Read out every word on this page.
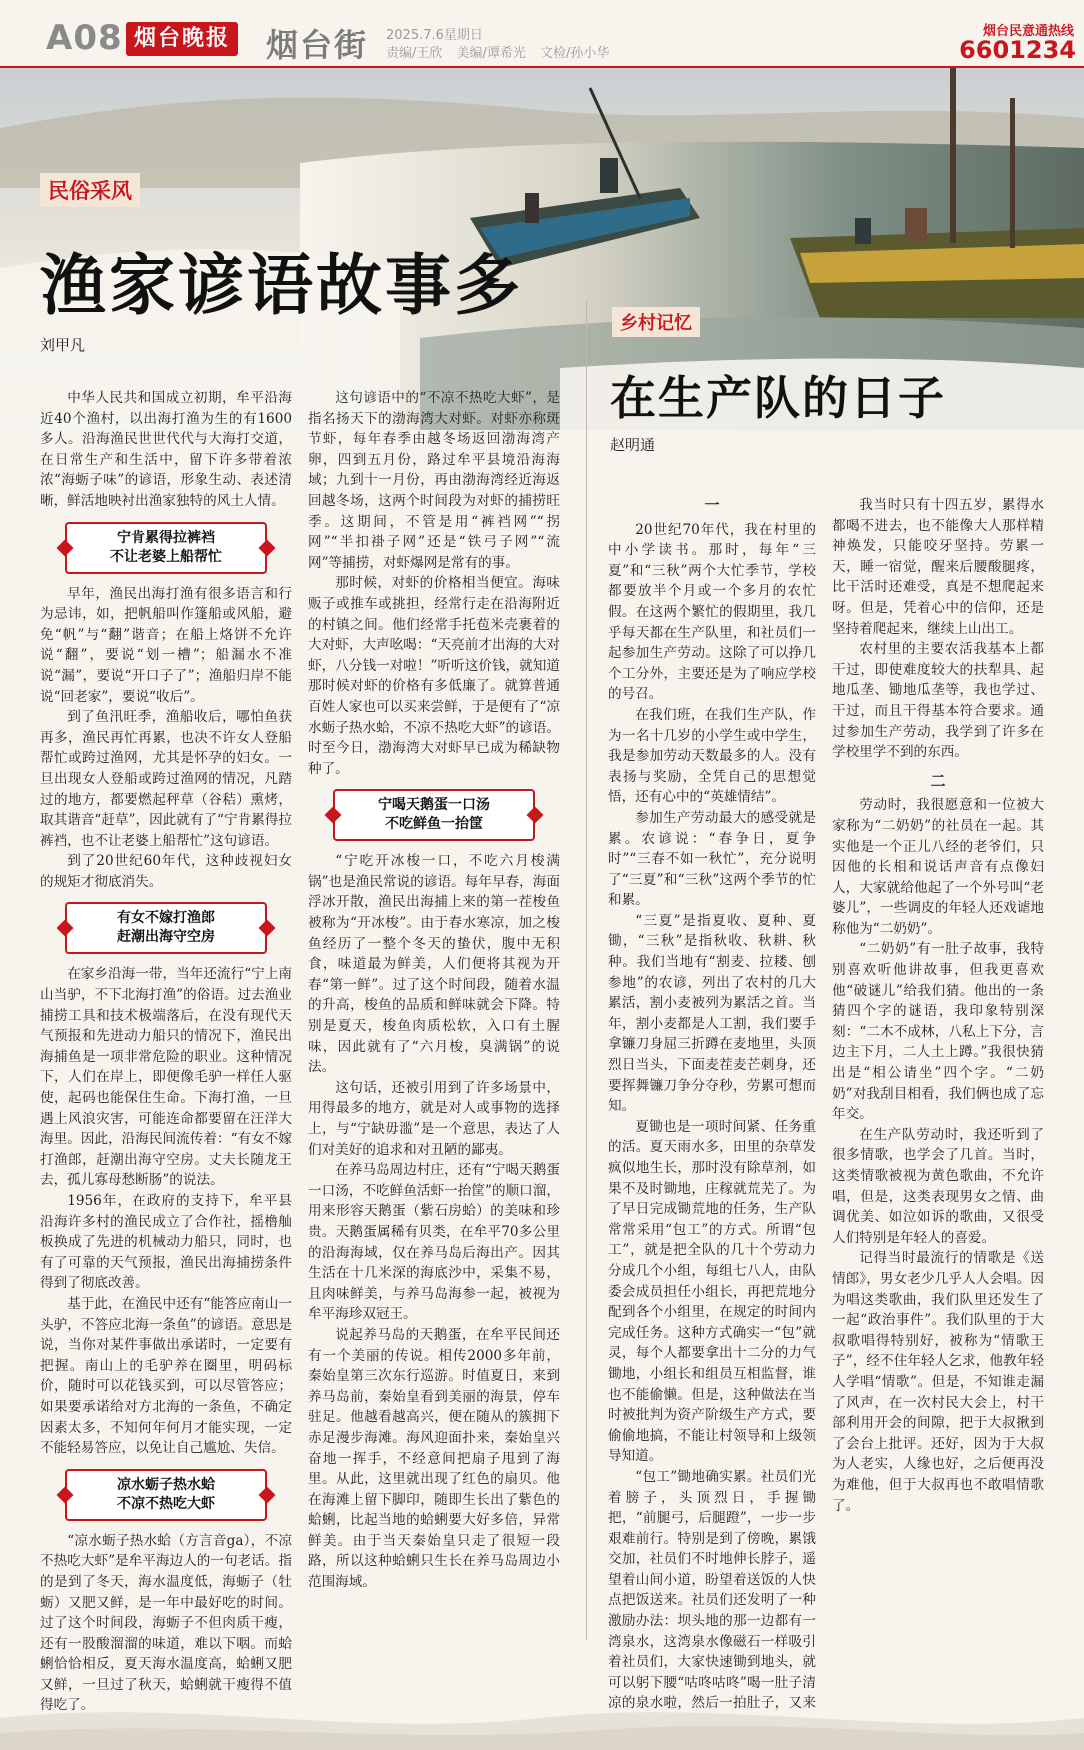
A08 烟台晚报 烟台街 2025.7.6星期日
责编/王欣 美编/谭希光 文检/孙小华
烟台民意通热线
6601234
民俗采风
渔家谚语故事多
刘甲凡
乡村记忆
在生产队的日子
赵明通

中华人民共和国成立初期，牟平沿海近40个渔村，以出海打渔为生的有1600多人。沿海渔民世世代代与大海打交道，在日常生产和生活中，留下许多带着浓浓“海蛎子味”的谚语，形象生动、表述清晰，鲜活地映衬出渔家独特的风土人情。

宁肯累得拉裤裆
不让老婆上船帮忙

早年，渔民出海打渔有很多语言和行为忌讳，如，把帆船叫作篷船或风船，避免“帆”与“翻”谐音；在船上烙饼不允许说“翻”，要说“划一槽”；船漏水不准说“漏”，要说“开口子了”；渔船归岸不能说“回老家”，要说“收后”。

到了鱼汛旺季，渔船收后，哪怕鱼获再多，渔民再忙再累，也决不许女人登船帮忙或跨过渔网，尤其是怀孕的妇女。一旦出现女人登船或跨过渔网的情况，凡踏过的地方，都要燃起秤草（谷秸）熏烤，取其谐音“赶草”，因此就有了“宁肯累得拉裤裆，也不让老婆上船帮忙”这句谚语。

到了20世纪60年代，这种歧视妇女的规矩才彻底消失。

有女不嫁打渔郎
赶潮出海守空房

在家乡沿海一带，当年还流行“宁上南山当驴，不下北海打渔”的俗语。过去渔业捕捞工具和技术极端落后，在没有现代天气预报和先进动力船只的情况下，渔民出海捕鱼是一项非常危险的职业。这种情况下，人们在岸上，即便像毛驴一样任人驱使，起码也能保住生命。下海打渔，一旦遇上风浪灾害，可能连命都要留在汪洋大海里。因此，沿海民间流传着：“有女不嫁打渔郎，赶潮出海守空房。丈夫长随龙王去，孤儿寡母愁断肠”的说法。

1956年，在政府的支持下，牟平县沿海许多村的渔民成立了合作社，摇橹舢板换成了先进的机械动力船只，同时，也有了可靠的天气预报，渔民出海捕捞条件得到了彻底改善。

基于此，在渔民中还有“能答应南山一头驴，不答应北海一条鱼”的谚语。意思是说，当你对某件事做出承诺时，一定要有把握。南山上的毛驴养在圈里，明码标价，随时可以花钱买到，可以尽管答应；如果要承诺给对方北海的一条鱼，不确定因素太多，不知何年何月才能实现，一定不能轻易答应，以免让自己尴尬、失信。

凉水蛎子热水蛤
不凉不热吃大虾

“凉水蛎子热水蛤（方言音ga），不凉不热吃大虾”是牟平海边人的一句老话。指的是到了冬天，海水温度低，海蛎子（牡蛎）又肥又鲜，是一年中最好吃的时间。过了这个时间段，海蛎子不但肉质干瘦，还有一股酸溜溜的味道，难以下咽。而蛤蜊恰恰相反，夏天海水温度高，蛤蜊又肥又鲜，一旦过了秋天，蛤蜊就干瘦得不值得吃了。

这句谚语中的“不凉不热吃大虾”，是指名扬天下的渤海湾大对虾。对虾亦称斑节虾，每年春季由越冬场返回渤海湾产卵，四到五月份，路过牟平县境沿海海域；九到十一月份，再由渤海湾经近海返回越冬场，这两个时间段为对虾的捕捞旺季。这期间，不管是用“裤裆网”“拐网”“半扣褂子网”还是“铁弓子网”“流网”等捕捞，对虾爆网是常有的事。

那时候，对虾的价格相当便宜。海味贩子或推车或挑担，经常行走在沿海附近的村镇之间。他们经常手托苞米壳裹着的大对虾，大声吆喝：“天亮前才出海的大对虾，八分钱一对啦！”听听这价钱，就知道那时候对虾的价格有多低廉了。就算普通百姓人家也可以买来尝鲜，于是便有了“凉水蛎子热水蛤，不凉不热吃大虾”的谚语。时至今日，渤海湾大对虾早已成为稀缺物种了。

宁喝天鹅蛋一口汤
不吃鲜鱼一抬筐

“宁吃开冰梭一口，不吃六月梭满锅”也是渔民常说的谚语。每年早春，海面浮冰开散，渔民出海捕上来的第一茬梭鱼被称为“开冰梭”。由于春水寒凉，加之梭鱼经历了一整个冬天的蛰伏，腹中无积食，味道最为鲜美，人们便将其视为开春“第一鲜”。过了这个时间段，随着水温的升高，梭鱼的品质和鲜味就会下降。特别是夏天，梭鱼肉质松软，入口有土腥味，因此就有了“六月梭，臭满锅”的说法。

这句话，还被引用到了许多场景中，用得最多的地方，就是对人或事物的选择上，与“宁缺毋滥”是一个意思，表达了人们对美好的追求和对丑陋的鄙夷。

在养马岛周边村庄，还有“宁喝天鹅蛋一口汤，不吃鲜鱼活虾一抬筐”的顺口溜，用来形容天鹅蛋（紫石房蛤）的美味和珍贵。天鹅蛋属稀有贝类，在牟平70多公里的沿海海域，仅在养马岛后海出产。因其生活在十几米深的海底沙中，采集不易，且肉味鲜美，与养马岛海参一起，被视为牟平海珍双冠王。

说起养马岛的天鹅蛋，在牟平民间还有一个美丽的传说。相传2000多年前，秦始皇第三次东行巡游。时值夏日，来到养马岛前，秦始皇看到美丽的海景，停车驻足。他越看越高兴，便在随从的簇拥下赤足漫步海滩。海风迎面扑来，秦始皇兴奋地一挥手，不经意间把扇子甩到了海里。从此，这里就出现了红色的扇贝。他在海滩上留下脚印，随即生长出了紫色的蛤蜊，比起当地的蛤蜊要大好多倍，异常鲜美。由于当天秦始皇只走了很短一段路，所以这种蛤蜊只生长在养马岛周边小范围海域。

一

20世纪70年代，我在村里的中小学读书。那时，每年“三夏”和“三秋”两个大忙季节，学校都要放半个月或一个多月的农忙假。在这两个繁忙的假期里，我几乎每天都在生产队里，和社员们一起参加生产劳动。这除了可以挣几个工分外，主要还是为了响应学校的号召。

在我们班，在我们生产队，作为一名十几岁的小学生或中学生，我是参加劳动天数最多的人。没有表扬与奖励，全凭自己的思想觉悟，还有心中的“英雄情结”。

参加生产劳动最大的感受就是累。农谚说：“春争日，夏争时”“三春不如一秋忙”，充分说明了“三夏”和“三秋”这两个季节的忙和累。

“三夏”是指夏收、夏种、夏锄，“三秋”是指秋收、秋耕、秋种。我们当地有“割麦、拉耧、刨参地”的农谚，列出了农村的几大累活，割小麦被列为累活之首。当年，割小麦都是人工割，我们要手拿镰刀身屈三折蹲在麦地里，头顶烈日当头，下面麦茬麦芒刺身，还要挥舞镰刀争分夺秒，劳累可想而知。

夏锄也是一项时间紧、任务重的活。夏天雨水多，田里的杂草发疯似地生长，那时没有除草剂，如果不及时锄地，庄稼就荒芜了。为了早日完成锄荒地的任务，生产队常常采用“包工”的方式。所谓“包工”，就是把全队的几十个劳动力分成几个小组，每组七八人，由队委会成员担任小组长，再把荒地分配到各个小组里，在规定的时间内完成任务。这种方式确实一“包”就灵，每个人都要拿出十二分的力气锄地，小组长和组员互相监督，谁也不能偷懒。但是，这种做法在当时被批判为资产阶级生产方式，要偷偷地搞，不能让村领导和上级领导知道。

“包工”锄地确实累。社员们光着膀子，头顶烈日，手握锄把，“前腿弓，后腿蹬”，一步一步艰难前行。特别是到了傍晚，累饿交加，社员们不时地伸长脖子，遥望着山间小道，盼望着送饭的人快点把饭送来。社员们还发明了一种激励办法：坝头地的那一边都有一湾泉水，这湾泉水像磁石一样吸引着社员们，大家快速锄到地头，就可以躬下腰“咕咚咕咚”喝一肚子清凉的泉水啦，然后一拍肚子，又来

我当时只有十四五岁，累得水都喝不进去，也不能像大人那样精神焕发，只能咬牙坚持。劳累一天，睡一宿觉，醒来后腰酸腿疼，比干活时还难受，真是不想爬起来呀。但是，凭着心中的信仰，还是坚持着爬起来，继续上山出工。

农村里的主要农活我基本上都干过，即使难度较大的扶犁具、起地瓜垄、锄地瓜垄等，我也学过、干过，而且干得基本符合要求。通过参加生产劳动，我学到了许多在学校里学不到的东西。

二

劳动时，我很愿意和一位被大家称为“二奶奶”的社员在一起。其实他是一个正儿八经的老爷们，只因他的长相和说话声音有点像妇人，大家就给他起了一个外号叫“老婆儿”，一些调皮的年轻人还戏谑地称他为“二奶奶”。

“二奶奶”有一肚子故事，我特别喜欢听他讲故事，但我更喜欢他“破谜儿”给我们猜。他出的一条猜四个字的谜语，我印象特别深刻：“二木不成林，八私上下分，言边主下月，二人土上蹲。”我很快猜出是“相公请坐”四个字。“二奶奶”对我刮目相看，我们俩也成了忘年交。

在生产队劳动时，我还听到了很多情歌，也学会了几首。当时，这类情歌被视为黄色歌曲，不允许唱，但是，这类表现男女之情、曲调优美、如泣如诉的歌曲，又很受人们特别是年轻人的喜爱。

记得当时最流行的情歌是《送情郎》，男女老少几乎人人会唱。因为唱这类歌曲，我们队里还发生了一起“政治事件”。我们队里的于大叔歌唱得特别好，被称为“情歌王子”，经不住年轻人乞求，他教年轻人学唱“情歌”。但是，不知谁走漏了风声，在一次村民大会上，村干部利用开会的间隙，把于大叔揪到了会台上批评。还好，因为于大叔为人老实，人缘也好，之后便再没为难他，但于大叔再也不敢唱情歌了。
